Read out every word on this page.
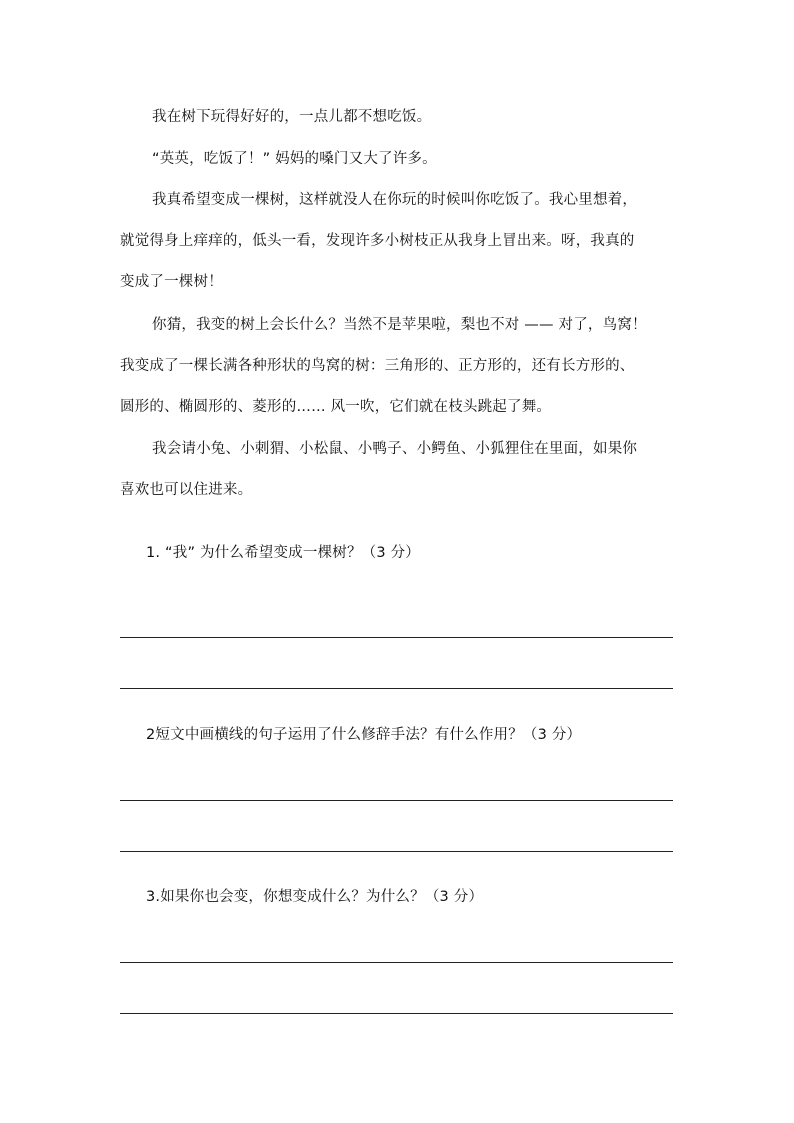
我在树下玩得好好的，一点儿都不想吃饭。
“英英，吃饭了！” 妈妈的嗓门又大了许多。
我真希望变成一棵树，这样就没人在你玩的时候叫你吃饭了。我心里想着，
就觉得身上痒痒的，低头一看，发现许多小树枝正从我身上冒出来。呀，我真的
变成了一棵树！
你猜，我变的树上会长什么？当然不是苹果啦，梨也不对 —— 对了，鸟窝！
我变成了一棵长满各种形状的鸟窝的树：三角形的、正方形的，还有长方形的、
圆形的、椭圆形的、菱形的…… 风一吹，它们就在枝头跳起了舞。
我会请小兔、小刺猬、小松鼠、小鸭子、小鳄鱼、小狐狸住在里面，如果你
喜欢也可以住进来。
1. “我” 为什么希望变成一棵树？（3 分）
2短文中画横线的句子运用了什么修辞手法？有什么作用？（3 分）
3.如果你也会变，你想变成什么？为什么？（3 分）
